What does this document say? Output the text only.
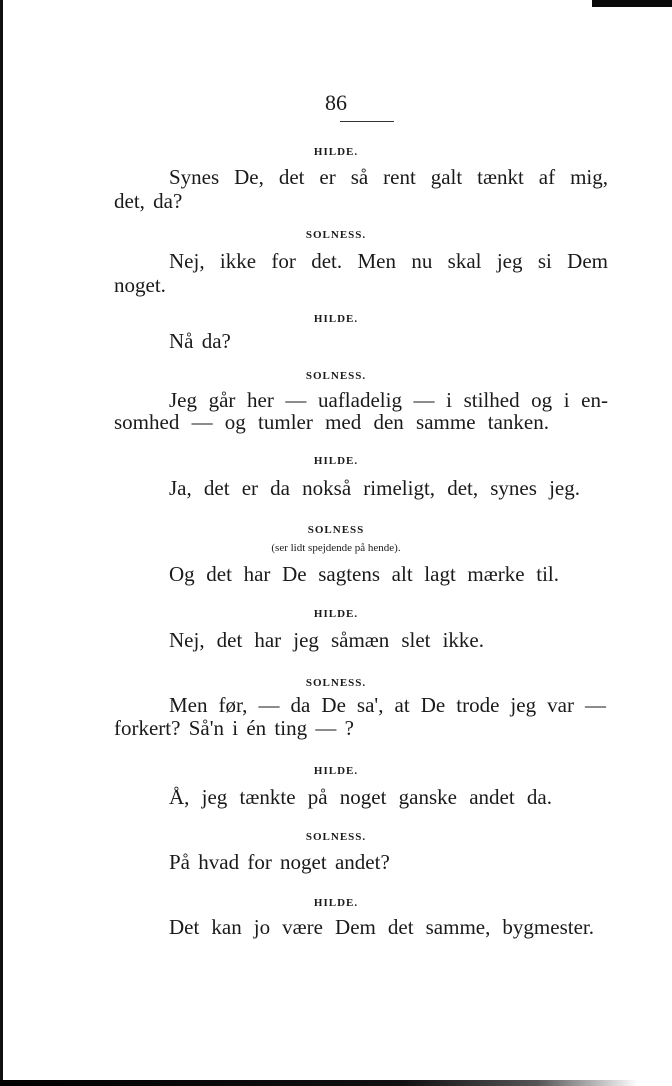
86
HILDE.
Synes De, det er så rent galt tænkt af mig,
det, da?
SOLNESS.
Nej, ikke for det. Men nu skal jeg si Dem
noget.
HILDE.
Nå da?
SOLNESS.
Jeg går her — uafladelig — i stilhed og i en-
somhed — og tumler med den samme tanken.
HILDE.
Ja, det er da nokså rimeligt, det, synes jeg.
SOLNESS
(ser lidt spejdende på hende).
Og det har De sagtens alt lagt mærke til.
HILDE.
Nej, det har jeg såmæn slet ikke.
SOLNESS.
Men før, — da De sa', at De trode jeg var —
forkert? Så'n i én ting — ?
HILDE.
Å, jeg tænkte på noget ganske andet da.
SOLNESS.
På hvad for noget andet?
HILDE.
Det kan jo være Dem det samme, bygmester.
